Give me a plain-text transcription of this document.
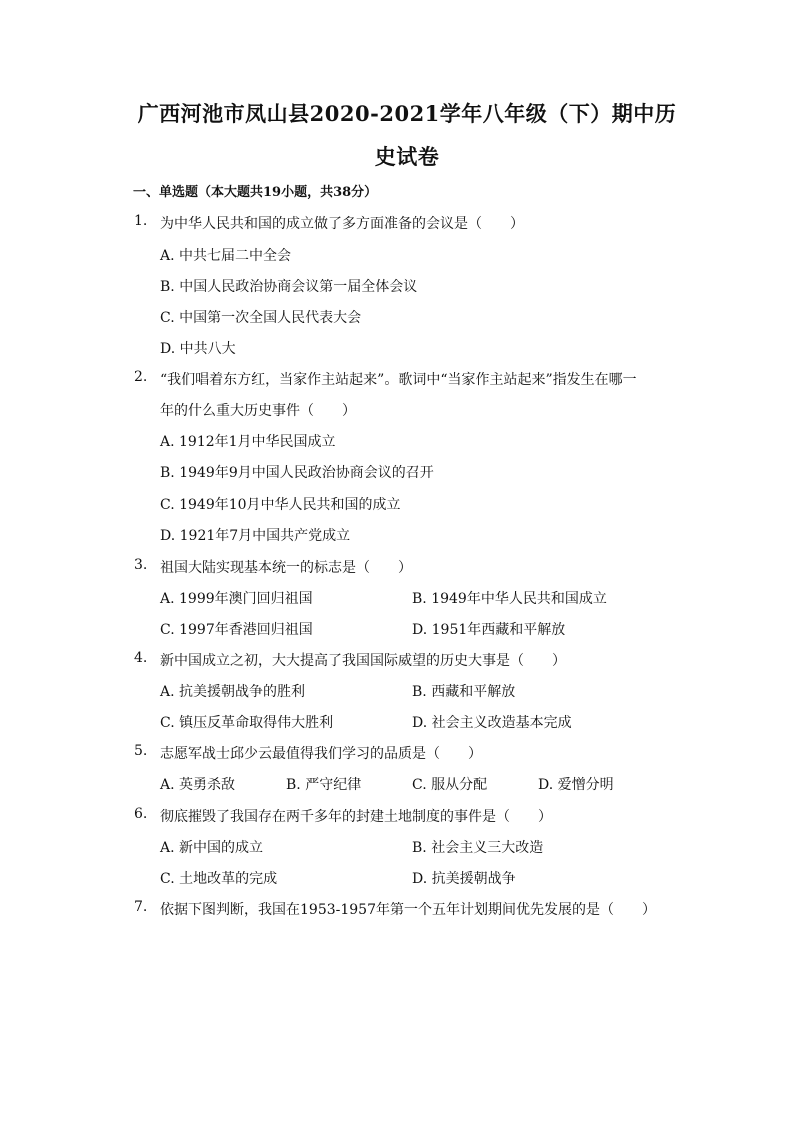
广西河池市凤山县2020-2021学年八年级（下）期中历
史试卷
一、单选题（本大题共19小题，共38分）
1. 为中华人民共和国的成立做了多方面准备的会议是（　　）
A. 中共七届二中全会
B. 中国人民政治协商会议第一届全体会议
C. 中国第一次全国人民代表大会
D. 中共八大
2. “我们唱着东方红，当家作主站起来”。歌词中“当家作主站起来”指发生在哪一
年的什么重大历史事件（　　）
A. 1912年1月中华民国成立
B. 1949年9月中国人民政治协商会议的召开
C. 1949年10月中华人民共和国的成立
D. 1921年7月中国共产党成立
3. 祖国大陆实现基本统一的标志是（　　）
A. 1999年澳门回归祖国	B. 1949年中华人民共和国成立
C. 1997年香港回归祖国	D. 1951年西藏和平解放
4. 新中国成立之初，大大提高了我国国际威望的历史大事是（　　）
A. 抗美援朝战争的胜利	B. 西藏和平解放
C. 镇压反革命取得伟大胜利	D. 社会主义改造基本完成
5. 志愿军战士邱少云最值得我们学习的品质是（　　）
A. 英勇杀敌	B. 严守纪律	C. 服从分配	D. 爱憎分明
6. 彻底摧毁了我国存在两千多年的封建土地制度的事件是（　　）
A. 新中国的成立	B. 社会主义三大改造
C. 土地改革的完成	D. 抗美援朝战争
7. 依据下图判断，我国在1953-1957年第一个五年计划期间优先发展的是（　　）
